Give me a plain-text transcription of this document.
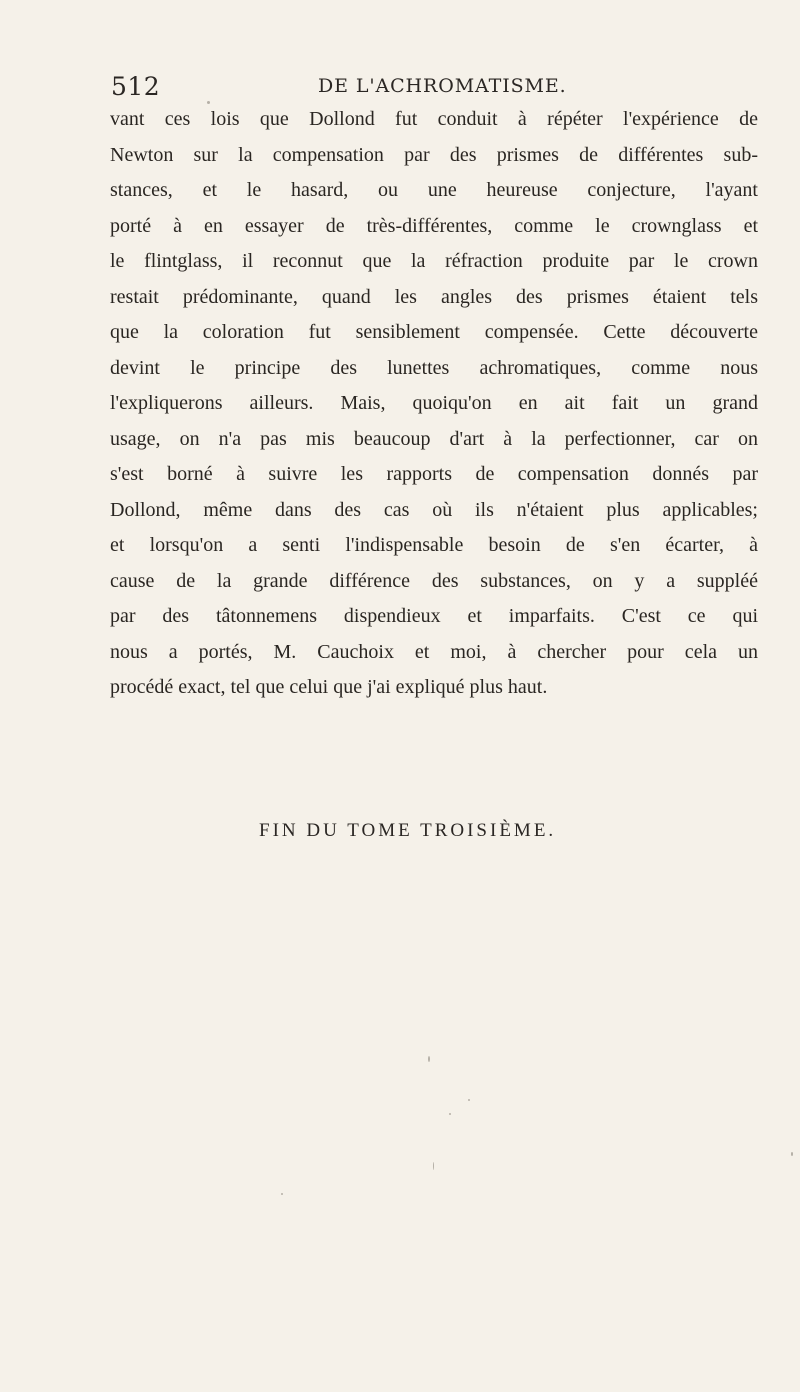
512	DE L'ACHROMATISME.

vant ces lois que Dollond fut conduit à répéter l'expérience de
Newton sur la compensation par des prismes de différentes sub-
stances, et le hasard, ou une heureuse conjecture, l'ayant
porté à en essayer de très-différentes, comme le crownglass et
le flintglass, il reconnut que la réfraction produite par le crown
restait prédominante, quand les angles des prismes étaient tels
que la coloration fut sensiblement compensée. Cette découverte
devint le principe des lunettes achromatiques, comme nous
l'expliquerons ailleurs. Mais, quoiqu'on en ait fait un grand
usage, on n'a pas mis beaucoup d'art à la perfectionner, car on
s'est borné à suivre les rapports de compensation donnés par
Dollond, même dans des cas où ils n'étaient plus applicables;
et lorsqu'on a senti l'indispensable besoin de s'en écarter, à
cause de la grande différence des substances, on y a suppléé
par des tâtonnemens dispendieux et imparfaits. C'est ce qui
nous a portés, M. Cauchoix et moi, à chercher pour cela un
procédé exact, tel que celui que j'ai expliqué plus haut.

FIN DU TOME TROISIÈME.
